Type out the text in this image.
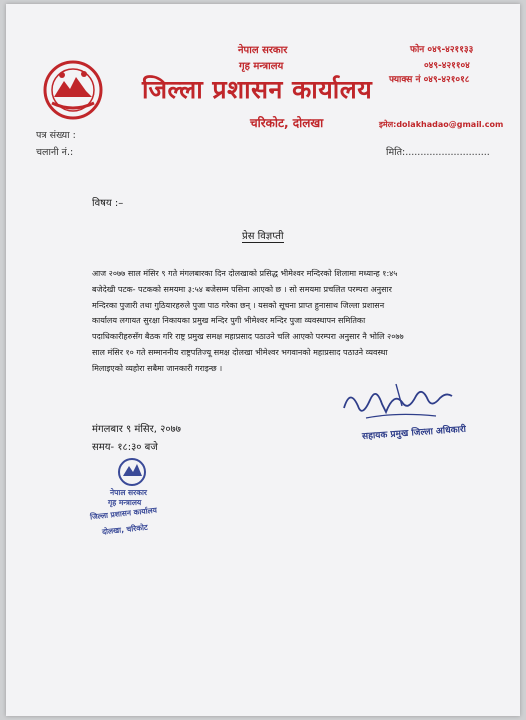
नेपाल सरकार
गृह मन्त्रालय
जिल्ला प्रशासन कार्यालय
चरिकोट, दोलखा
फोन ०४९-४२११३३
०४९-४२११०४
फ्याक्स नं ०४९-४२१०१८
इमेल:dolakhadao@gmail.com
पत्र संख्या :
चलानी नं.:	मिति:............................
विषय :–
प्रेस विज्ञप्ती
आज २०७७ साल मंसिर ९ गते मंगलबारका दिन दोलखाको प्रसिद्ध भीमेश्वर मन्दिरको शिलामा मध्यान्ह १:४५
बजेदेखी पटक- पटकको समयमा ३:५४ बजेसम्म पसिना आएको छ । सो समयमा प्रचलित परम्परा अनुसार
मन्दिरका पुजारी तथा गुठियारहरुले पुजा पाठ गरेका छन् । यसको सूचना प्राप्त हुनासाथ जिल्ला प्रशासन
कार्यालय लगायत सुरक्षा निकायका प्रमुख मन्दिर पुगी भीमेश्वर मन्दिर पुजा व्यवस्थापन समितिका
पदाधिकारीहरुसँग बैठक गरि राष्ट्र प्रमुख समक्ष महाप्रसाद पठाउने चलि आएको परम्परा अनुसार नै भोलि २०७७
साल मंसिर १० गते सम्माननीय राष्ट्रपतिज्यू समक्ष दोलखा भीमेश्वर भगवानको महाप्रसाद पठाउने व्यवस्था
मिलाइएको व्यहोरा सबैमा जानकारी गराइन्छ ।
सहायक प्रमुख जिल्ला अधिकारी
मंगलबार ९ मंसिर, २०७७
समय- १८:३० बजे
नेपाल सरकार
गृह मन्त्रालय
जिल्ला प्रशासन कार्यालय
दोलखा, चरिकोट
